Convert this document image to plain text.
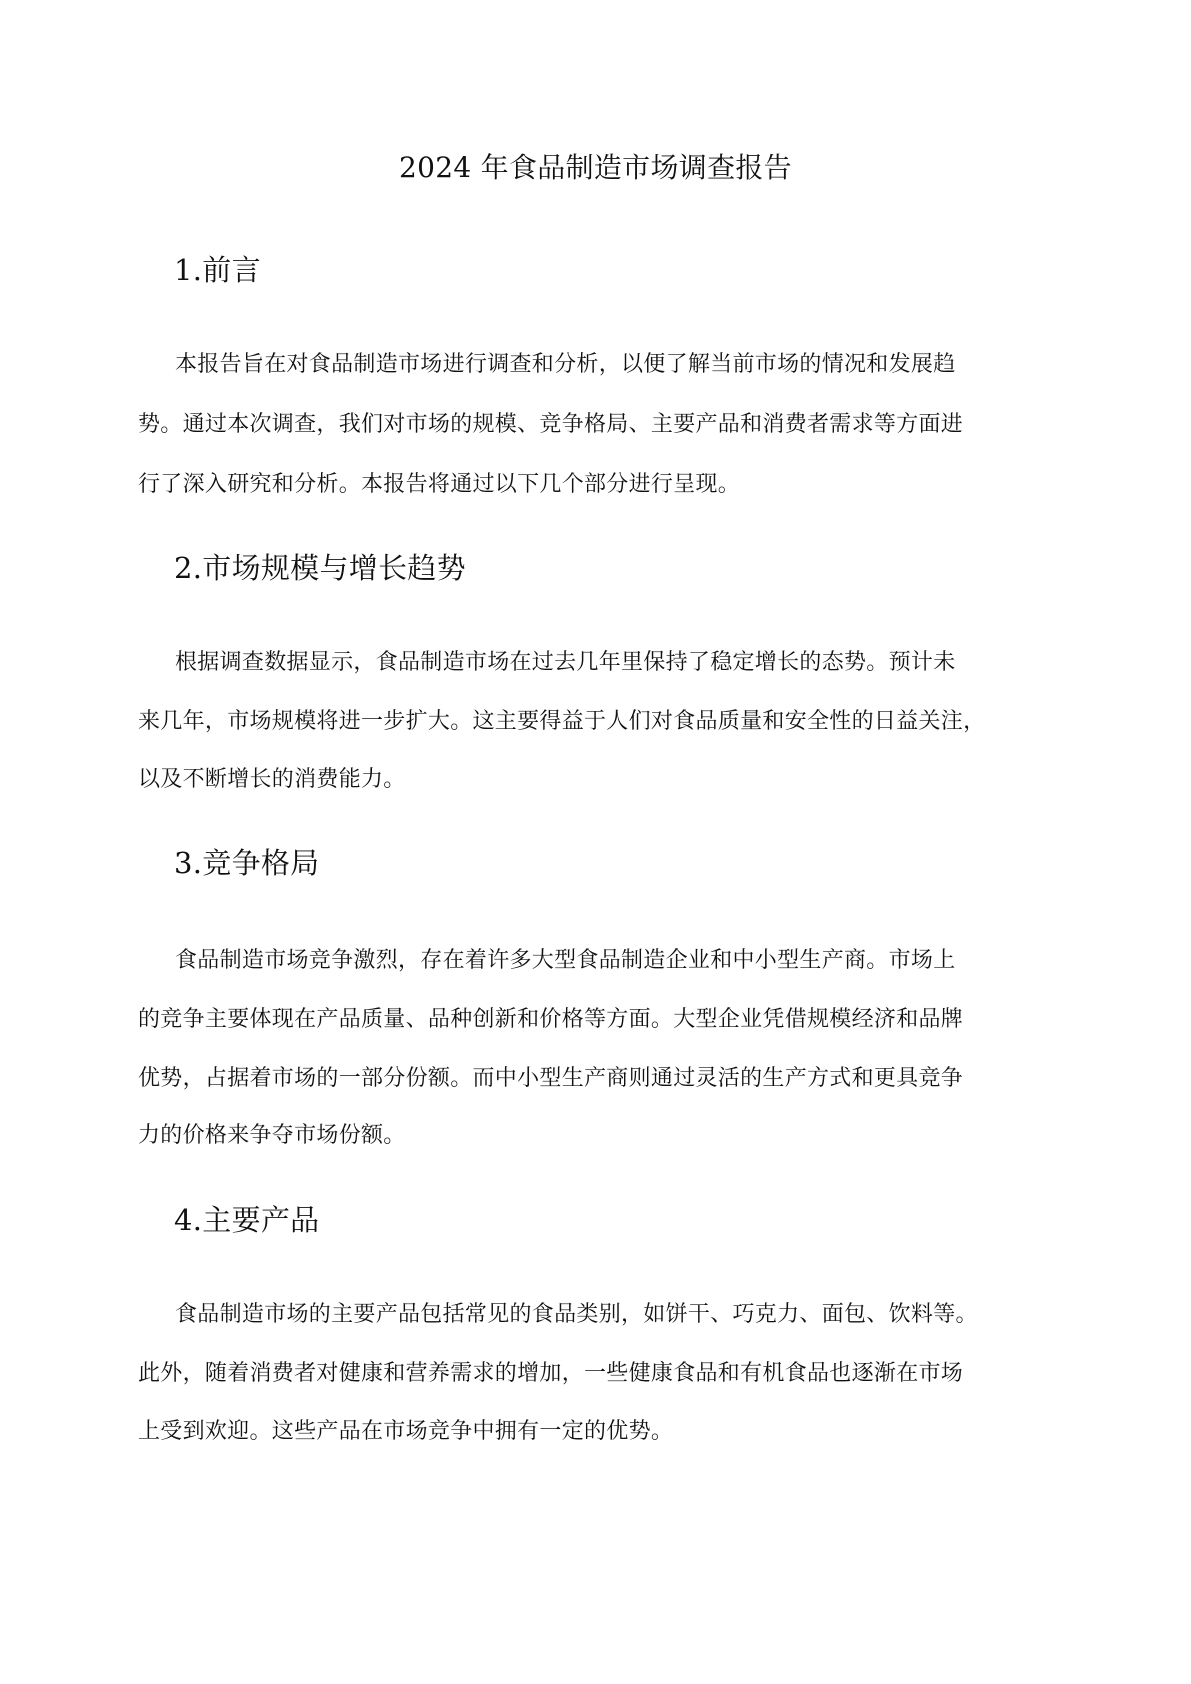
2024 年食品制造市场调查报告
1.前言
本报告旨在对食品制造市场进行调查和分析，以便了解当前市场的情况和发展趋
势。通过本次调查，我们对市场的规模、竞争格局、主要产品和消费者需求等方面进
行了深入研究和分析。本报告将通过以下几个部分进行呈现。
2.市场规模与增长趋势
根据调查数据显示，食品制造市场在过去几年里保持了稳定增长的态势。预计未
来几年，市场规模将进一步扩大。这主要得益于人们对食品质量和安全性的日益关注，
以及不断增长的消费能力。
3.竞争格局
食品制造市场竞争激烈，存在着许多大型食品制造企业和中小型生产商。市场上
的竞争主要体现在产品质量、品种创新和价格等方面。大型企业凭借规模经济和品牌
优势，占据着市场的一部分份额。而中小型生产商则通过灵活的生产方式和更具竞争
力的价格来争夺市场份额。
4.主要产品
食品制造市场的主要产品包括常见的食品类别，如饼干、巧克力、面包、饮料等。
此外，随着消费者对健康和营养需求的增加，一些健康食品和有机食品也逐渐在市场
上受到欢迎。这些产品在市场竞争中拥有一定的优势。
